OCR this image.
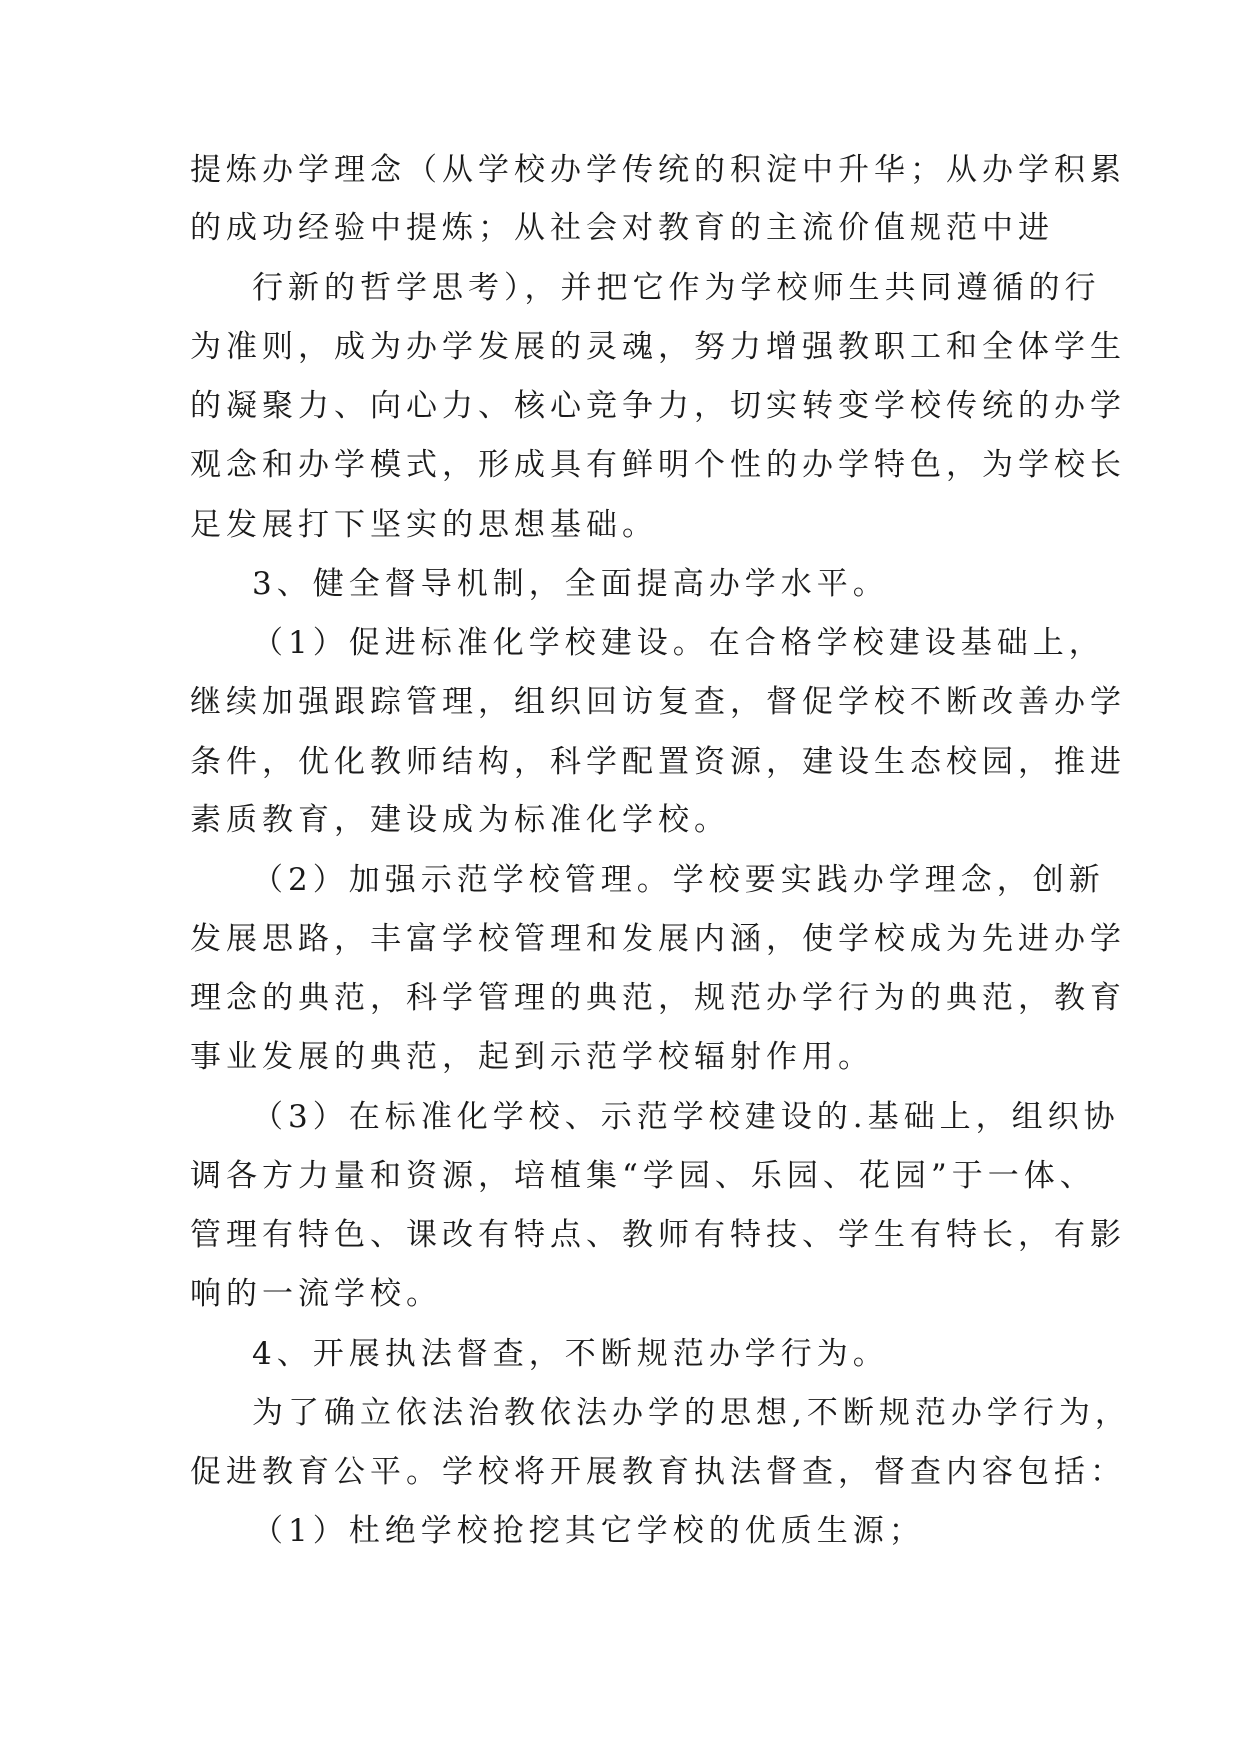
提炼办学理念（从学校办学传统的积淀中升华；从办学积累
的成功经验中提炼；从社会对教育的主流价值规范中进
行新的哲学思考），并把它作为学校师生共同遵循的行
为准则，成为办学发展的灵魂，努力增强教职工和全体学生
的凝聚力、向心力、核心竞争力，切实转变学校传统的办学
观念和办学模式，形成具有鲜明个性的办学特色，为学校长
足发展打下坚实的思想基础。
3、健全督导机制，全面提高办学水平。
（1）促进标准化学校建设。在合格学校建设基础上，
继续加强跟踪管理，组织回访复查，督促学校不断改善办学
条件，优化教师结构，科学配置资源，建设生态校园，推进
素质教育，建设成为标准化学校。
（2）加强示范学校管理。学校要实践办学理念，创新
发展思路，丰富学校管理和发展内涵，使学校成为先进办学
理念的典范，科学管理的典范，规范办学行为的典范，教育
事业发展的典范，起到示范学校辐射作用。
（3）在标准化学校、示范学校建设的.基础上，组织协
调各方力量和资源，培植集“学园、乐园、花园”于一体、
管理有特色、课改有特点、教师有特技、学生有特长，有影
响的一流学校。
4、开展执法督查，不断规范办学行为。
为了确立依法治教依法办学的思想,不断规范办学行为，
促进教育公平。学校将开展教育执法督查，督查内容包括：
（1）杜绝学校抢挖其它学校的优质生源；
